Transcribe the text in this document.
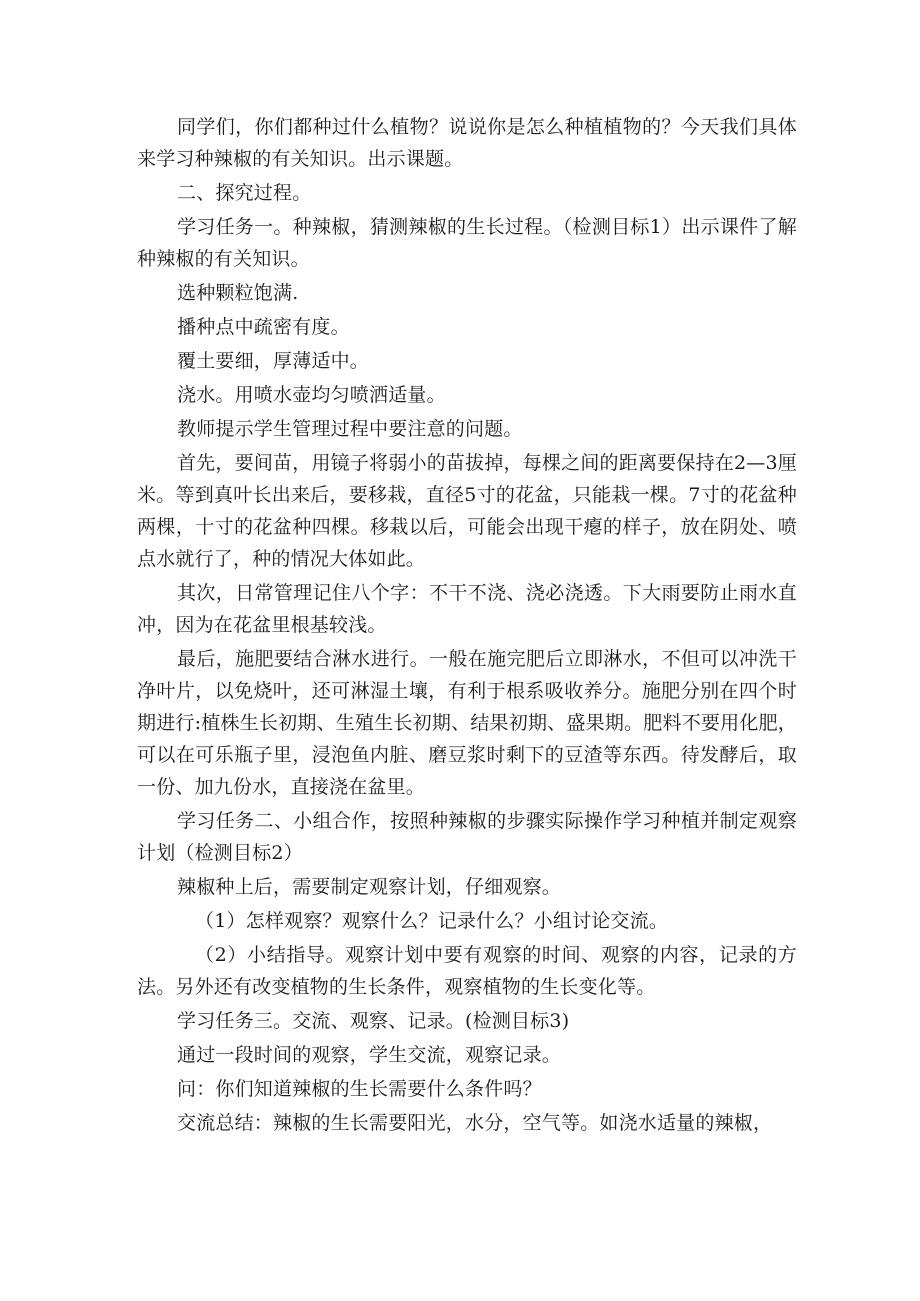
同学们，你们都种过什么植物？说说你是怎么种植植物的？今天我们具体来学习种辣椒的有关知识。出示课题。

二、探究过程。

学习任务一。种辣椒，猜测辣椒的生长过程。（检测目标1）出示课件了解种辣椒的有关知识。

选种颗粒饱满.

播种点中疏密有度。

覆土要细，厚薄适中。

浇水。用喷水壶均匀喷洒适量。

教师提示学生管理过程中要注意的问题。

首先，要间苗，用镜子将弱小的苗拔掉，每棵之间的距离要保持在2—3厘米。等到真叶长出来后，要移栽，直径5寸的花盆，只能栽一棵。7寸的花盆种两棵，十寸的花盆种四棵。移栽以后，可能会出现干瘪的样子，放在阴处、喷点水就行了，种的情况大体如此。

其次，日常管理记住八个字：不干不浇、浇必浇透。下大雨要防止雨水直冲，因为在花盆里根基较浅。

最后，施肥要结合淋水进行。一般在施完肥后立即淋水，不但可以冲洗干净叶片，以免烧叶，还可淋湿土壤，有利于根系吸收养分。施肥分别在四个时期进行:植株生长初期、生殖生长初期、结果初期、盛果期。肥料不要用化肥，可以在可乐瓶子里，浸泡鱼内脏、磨豆浆时剩下的豆渣等东西。待发酵后，取一份、加九份水，直接浇在盆里。

学习任务二、小组合作，按照种辣椒的步骤实际操作学习种植并制定观察计划（检测目标2）

辣椒种上后，需要制定观察计划，仔细观察。

（1）怎样观察？观察什么？记录什么？小组讨论交流。

（2）小结指导。观察计划中要有观察的时间、观察的内容，记录的方法。另外还有改变植物的生长条件，观察植物的生长变化等。

学习任务三。交流、观察、记录。(检测目标3)

通过一段时间的观察，学生交流，观察记录。

问：你们知道辣椒的生长需要什么条件吗？

交流总结：辣椒的生长需要阳光，水分，空气等。如浇水适量的辣椒，
